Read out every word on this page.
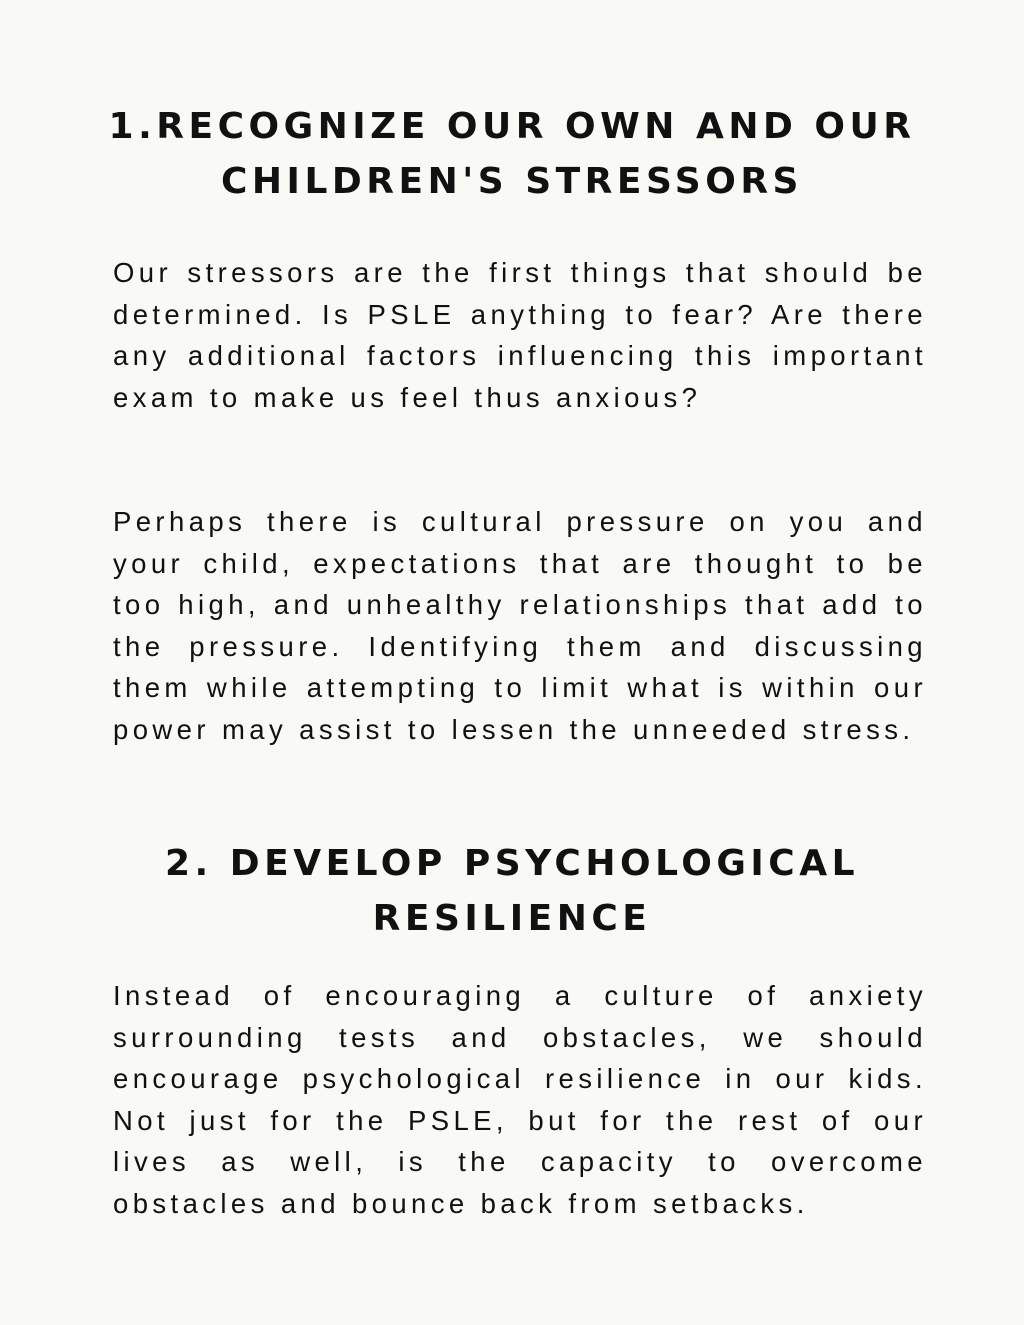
1.RECOGNIZE OUR OWN AND OUR CHILDREN'S STRESSORS

Our stressors are the first things that should be determined. Is PSLE anything to fear? Are there any additional factors influencing this important exam to make us feel thus anxious?

Perhaps there is cultural pressure on you and your child, expectations that are thought to be too high, and unhealthy relationships that add to the pressure. Identifying them and discussing them while attempting to limit what is within our power may assist to lessen the unneeded stress.

2. DEVELOP PSYCHOLOGICAL RESILIENCE

Instead of encouraging a culture of anxiety surrounding tests and obstacles, we should encourage psychological resilience in our kids. Not just for the PSLE, but for the rest of our lives as well, is the capacity to overcome obstacles and bounce back from setbacks.
